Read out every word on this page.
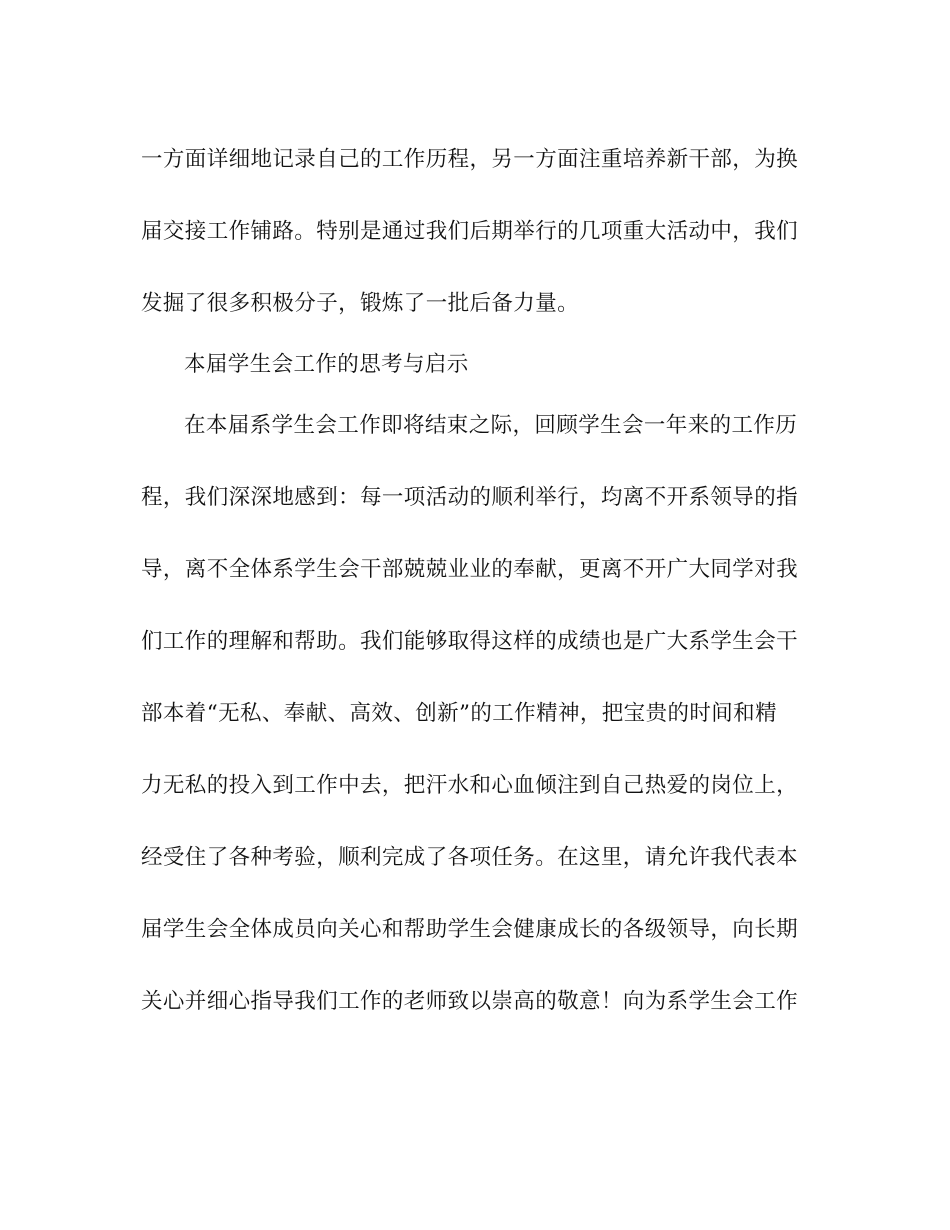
一方面详细地记录自己的工作历程，另一方面注重培养新干部，为换
届交接工作铺路。特别是通过我们后期举行的几项重大活动中，我们
发掘了很多积极分子，锻炼了一批后备力量。
本届学生会工作的思考与启示
在本届系学生会工作即将结束之际，回顾学生会一年来的工作历
程，我们深深地感到：每一项活动的顺利举行，均离不开系领导的指
导，离不全体系学生会干部兢兢业业的奉献，更离不开广大同学对我
们工作的理解和帮助。我们能够取得这样的成绩也是广大系学生会干
部本着“无私、奉献、高效、创新”的工作精神，把宝贵的时间和精
力无私的投入到工作中去，把汗水和心血倾注到自己热爱的岗位上，
经受住了各种考验，顺利完成了各项任务。在这里，请允许我代表本
届学生会全体成员向关心和帮助学生会健康成长的各级领导，向长期
关心并细心指导我们工作的老师致以崇高的敬意！向为系学生会工作
